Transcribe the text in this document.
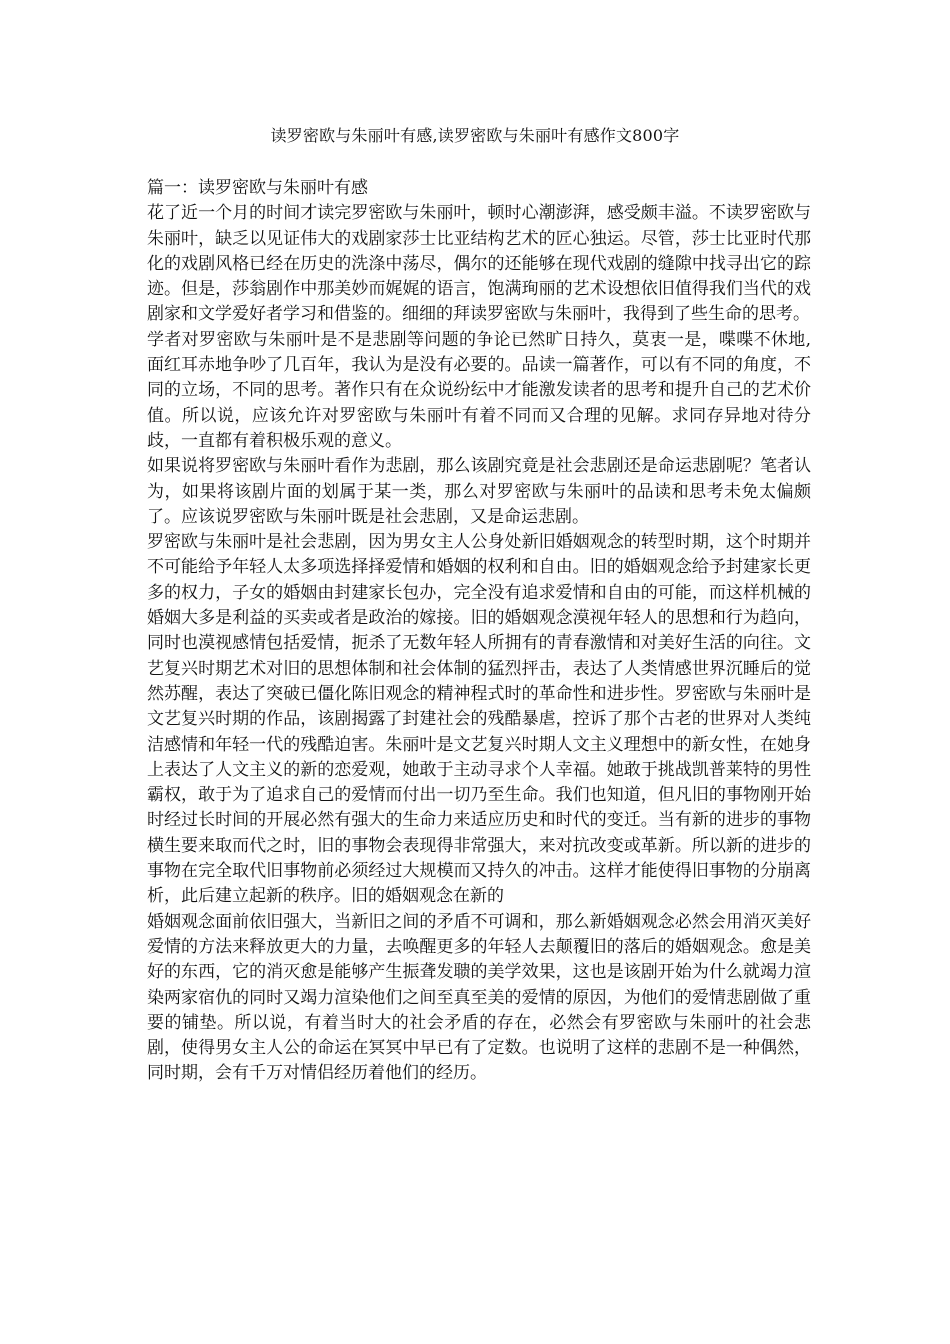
读罗密欧与朱丽叶有感,读罗密欧与朱丽叶有感作文800字

篇一：读罗密欧与朱丽叶有感

花了近一个月的时间才读完罗密欧与朱丽叶，顿时心潮澎湃，感受颇丰溢。不读罗密欧与朱丽叶，缺乏以见证伟大的戏剧家莎士比亚结构艺术的匠心独运。尽管，莎士比亚时代那化的戏剧风格已经在历史的洗涤中荡尽，偶尔的还能够在现代戏剧的缝隙中找寻出它的踪迹。但是，莎翁剧作中那美妙而娓娓的语言，饱满珣丽的艺术设想依旧值得我们当代的戏剧家和文学爱好者学习和借鉴的。细细的拜读罗密欧与朱丽叶，我得到了些生命的思考。

学者对罗密欧与朱丽叶是不是悲剧等问题的争论已然旷日持久，莫衷一是，喋喋不休地,面红耳赤地争吵了几百年，我认为是没有必要的。品读一篇著作，可以有不同的角度，不同的立场，不同的思考。著作只有在众说纷纭中才能激发读者的思考和提升自己的艺术价值。所以说，应该允许对罗密欧与朱丽叶有着不同而又合理的见解。求同存异地对待分歧，一直都有着积极乐观的意义。

如果说将罗密欧与朱丽叶看作为悲剧，那么该剧究竟是社会悲剧还是命运悲剧呢？笔者认为，如果将该剧片面的划属于某一类，那么对罗密欧与朱丽叶的品读和思考未免太偏颇了。应该说罗密欧与朱丽叶既是社会悲剧，又是命运悲剧。

罗密欧与朱丽叶是社会悲剧，因为男女主人公身处新旧婚姻观念的转型时期，这个时期并不可能给予年轻人太多项选择择爱情和婚姻的权利和自由。旧的婚姻观念给予封建家长更多的权力，子女的婚姻由封建家长包办，完全没有追求爱情和自由的可能，而这样机械的婚姻大多是利益的买卖或者是政治的嫁接。旧的婚姻观念漠视年轻人的思想和行为趋向，同时也漠视感情包括爱情，扼杀了无数年轻人所拥有的青春激情和对美好生活的向往。文艺复兴时期艺术对旧的思想体制和社会体制的猛烈抨击，表达了人类情感世界沉睡后的觉然苏醒，表达了突破已僵化陈旧观念的精神程式时的革命性和进步性。罗密欧与朱丽叶是文艺复兴时期的作品，该剧揭露了封建社会的残酷暴虐，控诉了那个古老的世界对人类纯洁感情和年轻一代的残酷迫害。朱丽叶是文艺复兴时期人文主义理想中的新女性，在她身上表达了人文主义的新的恋爱观，她敢于主动寻求个人幸福。她敢于挑战凯普莱特的男性霸权，敢于为了追求自己的爱情而付出一切乃至生命。我们也知道，但凡旧的事物刚开始时经过长时间的开展必然有强大的生命力来适应历史和时代的变迁。当有新的进步的事物横生要来取而代之时，旧的事物会表现得非常强大，来对抗改变或革新。所以新的进步的事物在完全取代旧事物前必须经过大规模而又持久的冲击。这样才能使得旧事物的分崩离析，此后建立起新的秩序。旧的婚姻观念在新的

婚姻观念面前依旧强大，当新旧之间的矛盾不可调和，那么新婚姻观念必然会用消灭美好爱情的方法来释放更大的力量，去唤醒更多的年轻人去颠覆旧的落后的婚姻观念。愈是美好的东西，它的消灭愈是能够产生振聋发聩的美学效果，这也是该剧开始为什么就竭力渲染两家宿仇的同时又竭力渲染他们之间至真至美的爱情的原因，为他们的爱情悲剧做了重要的铺垫。所以说，有着当时大的社会矛盾的存在，必然会有罗密欧与朱丽叶的社会悲剧，使得男女主人公的命运在冥冥中早已有了定数。也说明了这样的悲剧不是一种偶然，同时期，会有千万对情侣经历着他们的经历。
